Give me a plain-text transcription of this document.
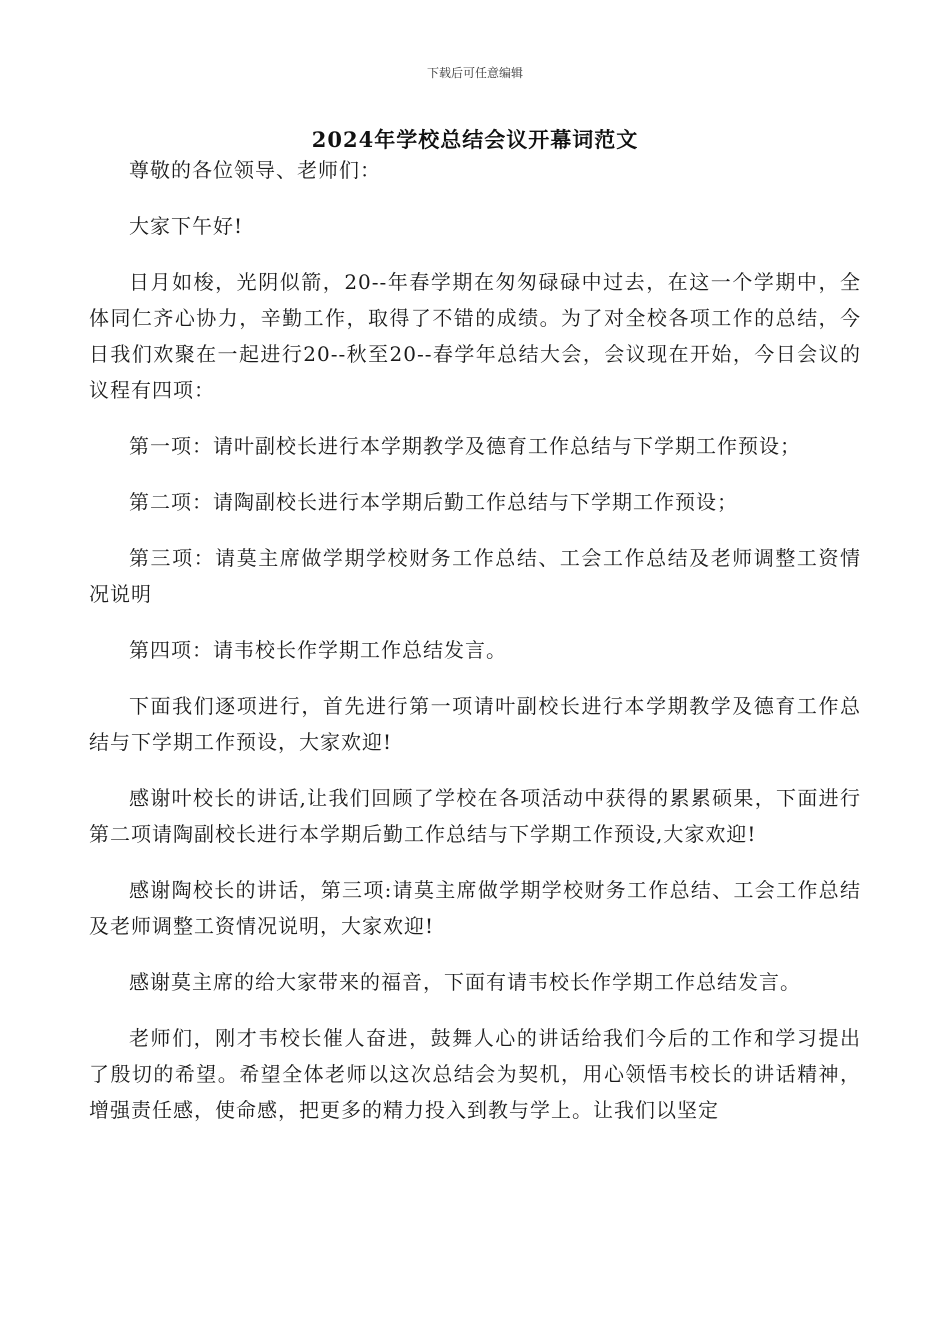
下载后可任意编辑
2024年学校总结会议开幕词范文

尊敬的各位领导、老师们：

大家下午好!

日月如梭，光阴似箭，20--年春学期在匆匆碌碌中过去，在这一个学期中，全体同仁齐心协力，辛勤工作，取得了不错的成绩。为了对全校各项工作的总结，今日我们欢聚在一起进行20--秋至20--春学年总结大会，会议现在开始，今日会议的议程有四项：

第一项：请叶副校长进行本学期教学及德育工作总结与下学期工作预设；

第二项：请陶副校长进行本学期后勤工作总结与下学期工作预设；

第三项：请莫主席做学期学校财务工作总结、工会工作总结及老师调整工资情况说明

第四项：请韦校长作学期工作总结发言。

下面我们逐项进行，首先进行第一项请叶副校长进行本学期教学及德育工作总结与下学期工作预设，大家欢迎!

感谢叶校长的讲话,让我们回顾了学校在各项活动中获得的累累硕果，下面进行第二项请陶副校长进行本学期后勤工作总结与下学期工作预设,大家欢迎!

感谢陶校长的讲话，第三项:请莫主席做学期学校财务工作总结、工会工作总结及老师调整工资情况说明，大家欢迎!

感谢莫主席的给大家带来的福音，下面有请韦校长作学期工作总结发言。

老师们，刚才韦校长催人奋进，鼓舞人心的讲话给我们今后的工作和学习提出了殷切的希望。希望全体老师以这次总结会为契机，用心领悟韦校长的讲话精神，增强责任感，使命感，把更多的精力投入到教与学上。让我们以坚定
